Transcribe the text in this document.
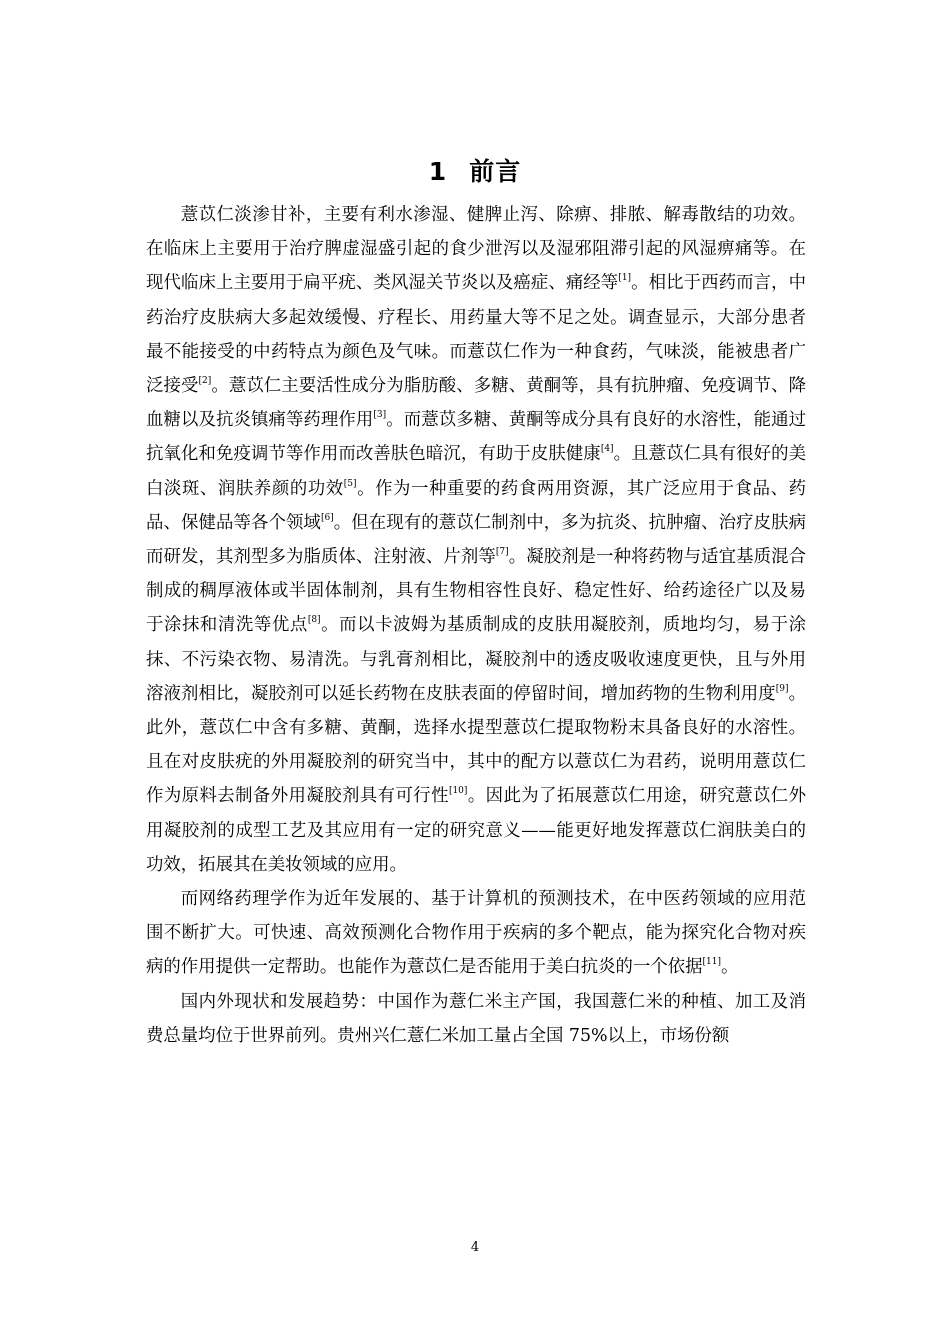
1 前言

薏苡仁淡渗甘补，主要有利水渗湿、健脾止泻、除痹、排脓、解毒散结的功效。在临床上主要用于治疗脾虚湿盛引起的食少泄泻以及湿邪阻滞引起的风湿痹痛等。在现代临床上主要用于扁平疣、类风湿关节炎以及癌症、痛经等[1]。相比于西药而言，中药治疗皮肤病大多起效缓慢、疗程长、用药量大等不足之处。调查显示，大部分患者最不能接受的中药特点为颜色及气味。而薏苡仁作为一种食药，气味淡，能被患者广泛接受[2]。薏苡仁主要活性成分为脂肪酸、多糖、黄酮等，具有抗肿瘤、免疫调节、降血糖以及抗炎镇痛等药理作用[3]。而薏苡多糖、黄酮等成分具有良好的水溶性，能通过抗氧化和免疫调节等作用而改善肤色暗沉，有助于皮肤健康[4]。且薏苡仁具有很好的美白淡斑、润肤养颜的功效[5]。作为一种重要的药食两用资源，其广泛应用于食品、药品、保健品等各个领域[6]。但在现有的薏苡仁制剂中，多为抗炎、抗肿瘤、治疗皮肤病而研发，其剂型多为脂质体、注射液、片剂等[7]。凝胶剂是一种将药物与适宜基质混合制成的稠厚液体或半固体制剂，具有生物相容性良好、稳定性好、给药途径广以及易于涂抹和清洗等优点[8]。而以卡波姆为基质制成的皮肤用凝胶剂，质地均匀，易于涂抹、不污染衣物、易清洗。与乳膏剂相比，凝胶剂中的透皮吸收速度更快，且与外用溶液剂相比，凝胶剂可以延长药物在皮肤表面的停留时间，增加药物的生物利用度[9]。此外，薏苡仁中含有多糖、黄酮，选择水提型薏苡仁提取物粉末具备良好的水溶性。且在对皮肤疣的外用凝胶剂的研究当中，其中的配方以薏苡仁为君药，说明用薏苡仁作为原料去制备外用凝胶剂具有可行性[10]。因此为了拓展薏苡仁用途，研究薏苡仁外用凝胶剂的成型工艺及其应用有一定的研究意义——能更好地发挥薏苡仁润肤美白的功效，拓展其在美妆领域的应用。

而网络药理学作为近年发展的、基于计算机的预测技术，在中医药领域的应用范围不断扩大。可快速、高效预测化合物作用于疾病的多个靶点，能为探究化合物对疾病的作用提供一定帮助。也能作为薏苡仁是否能用于美白抗炎的一个依据[11]。

国内外现状和发展趋势：中国作为薏仁米主产国，我国薏仁米的种植、加工及消费总量均位于世界前列。贵州兴仁薏仁米加工量占全国 75%以上，市场份额

4
